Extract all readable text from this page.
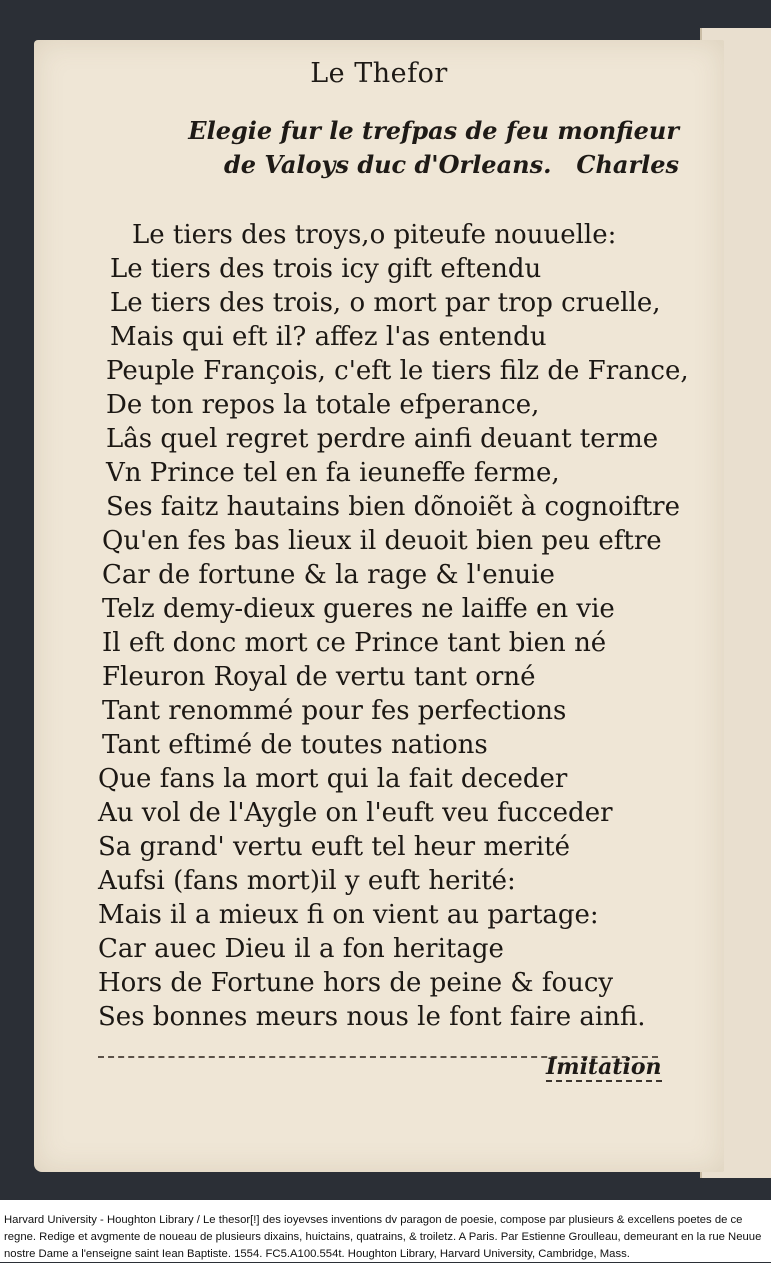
Le Thefor
Elegie fur le trefpas de feu monfieur Charles
de Valoys duc d'Orleans.
Le tiers des troys,o piteufe nouuelle:
Le tiers des trois icy gift eftendu
Le tiers des trois, o mort par trop cruelle,
Mais qui eft il? affez l'as entendu
Peuple François, c'eft le tiers filz de France,
De ton repos la totale efperance,
Lâs quel regret perdre ainfi deuant terme
Vn Prince tel en fa ieuneffe ferme,
Ses faitz hautains bien dõnoiẽt à cognoiftre
Qu'en fes bas lieux il deuoit bien peu eftre
Car de fortune & la rage & l'enuie
Telz demy-dieux gueres ne laiffe en vie
Il eft donc mort ce Prince tant bien né
Fleuron Royal de vertu tant orné
Tant renommé pour fes perfections
Tant eftimé de toutes nations
Que fans la mort qui la fait deceder
Au vol de l'Aygle on l'euft veu fucceder
Sa grand' vertu euft tel heur merité
Aufsi (fans mort)il y euft herité:
Mais il a mieux fi on vient au partage:
Car auec Dieu il a fon heritage
Hors de Fortune hors de peine & foucy
Ses bonnes meurs nous le font faire ainfi.
Imitation
Harvard University - Houghton Library / Le thesor[!] des ioyevses inventions dv paragon de poesie, compose par plusieurs & excellens poetes de ce regne. Redige et avgmente de noueau de plusieurs dixains, huictains, quatrains, & troiletz. A Paris. Par Estienne Groulleau, demeurant en la rue Neuue nostre Dame a l'enseigne saint Iean Baptiste. 1554. FC5.A100.554t. Houghton Library, Harvard University, Cambridge, Mass.
